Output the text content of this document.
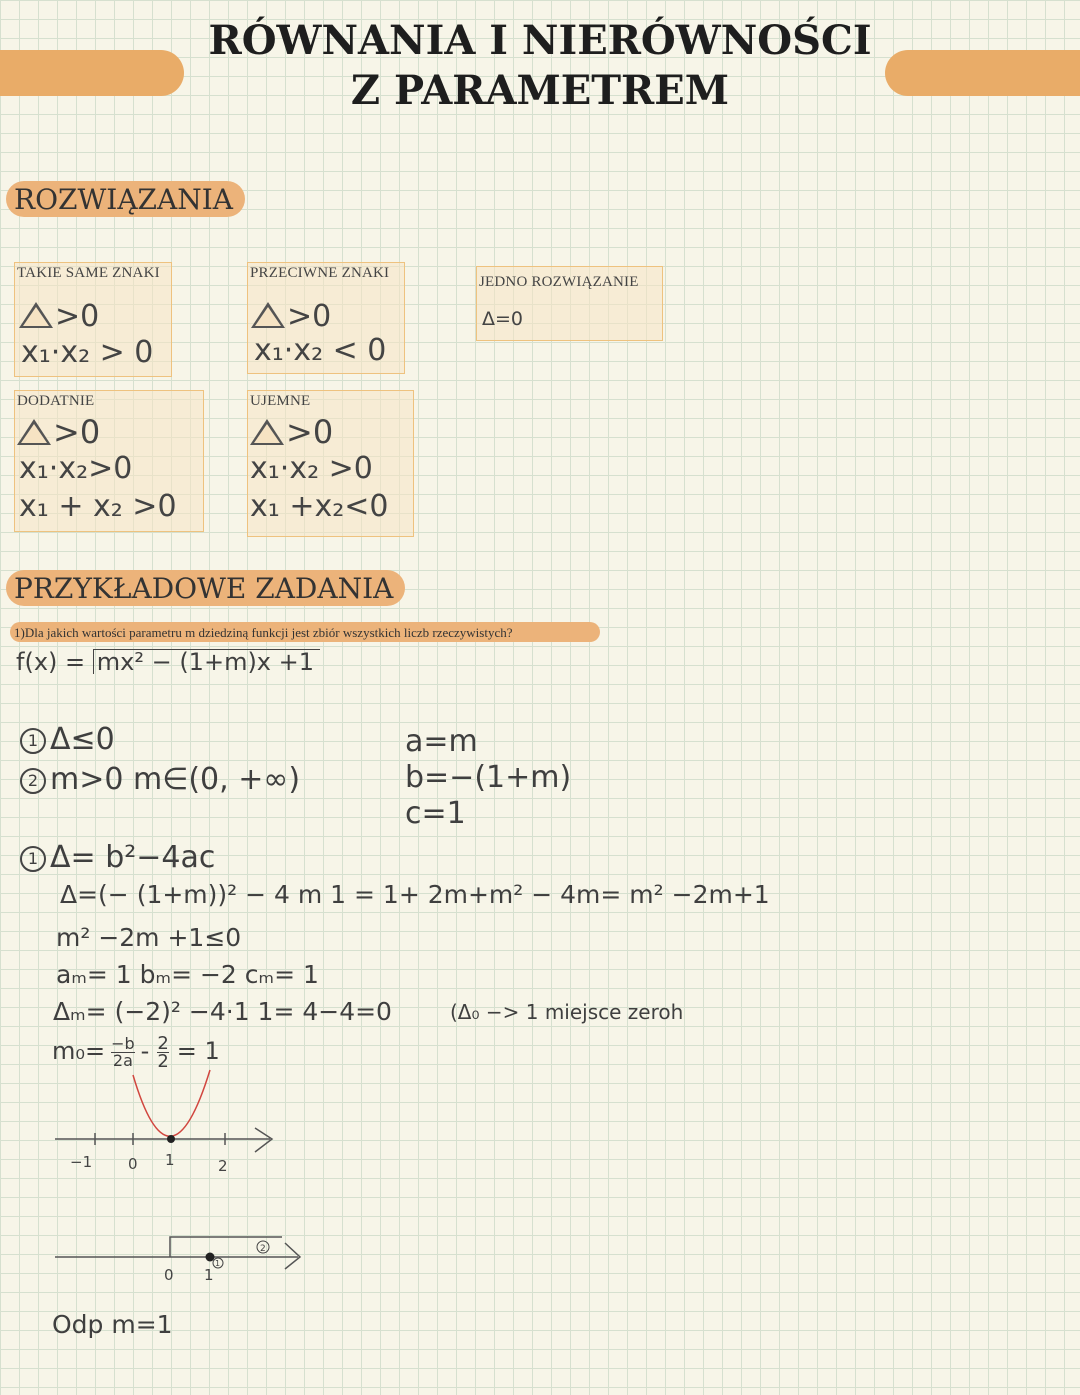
RÓWNANIA I NIERÓWNOŚCI Z PARAMETREM
ROZWIĄZANIA
TAKIE SAME ZNAKI
>0
x₁·x₂ > 0
PRZECIWNE ZNAKI
>0
x₁·x₂ < 0
JEDNO ROZWIĄZANIE
Δ=0
DODATNIE
>0
x₁·x₂>0
x₁ + x₂ >0
UJEMNE
>0
x₁·x₂ >0
x₁ +x₂<0
PRZYKŁADOWE ZADANIA
1)Dla jakich wartości parametru m dziedziną funkcji jest zbiór wszystkich liczb rzeczywistych?
f(x) = mx² − (1+m)x +1
1 Δ≤0
2 m>0 m∈(0, +∞)
a=m
b=−(1+m)
c=1
1 Δ= b²−4ac
Δ=(− (1+m))² − 4 m 1 = 1+ 2m+m² − 4m= m² −2m+1
m² −2m +1≤0
aₘ= 1 bₘ= −2 cₘ= 1
Δₘ= (−2)² −4·1 1= 4−4=0	(Δ₀ −> 1 miejsce zeroh
$m_0= \frac{-b}{2a} - \frac{2}{2} = 1$
−1 0 1	2
2
1
0 1
Odp m=1
